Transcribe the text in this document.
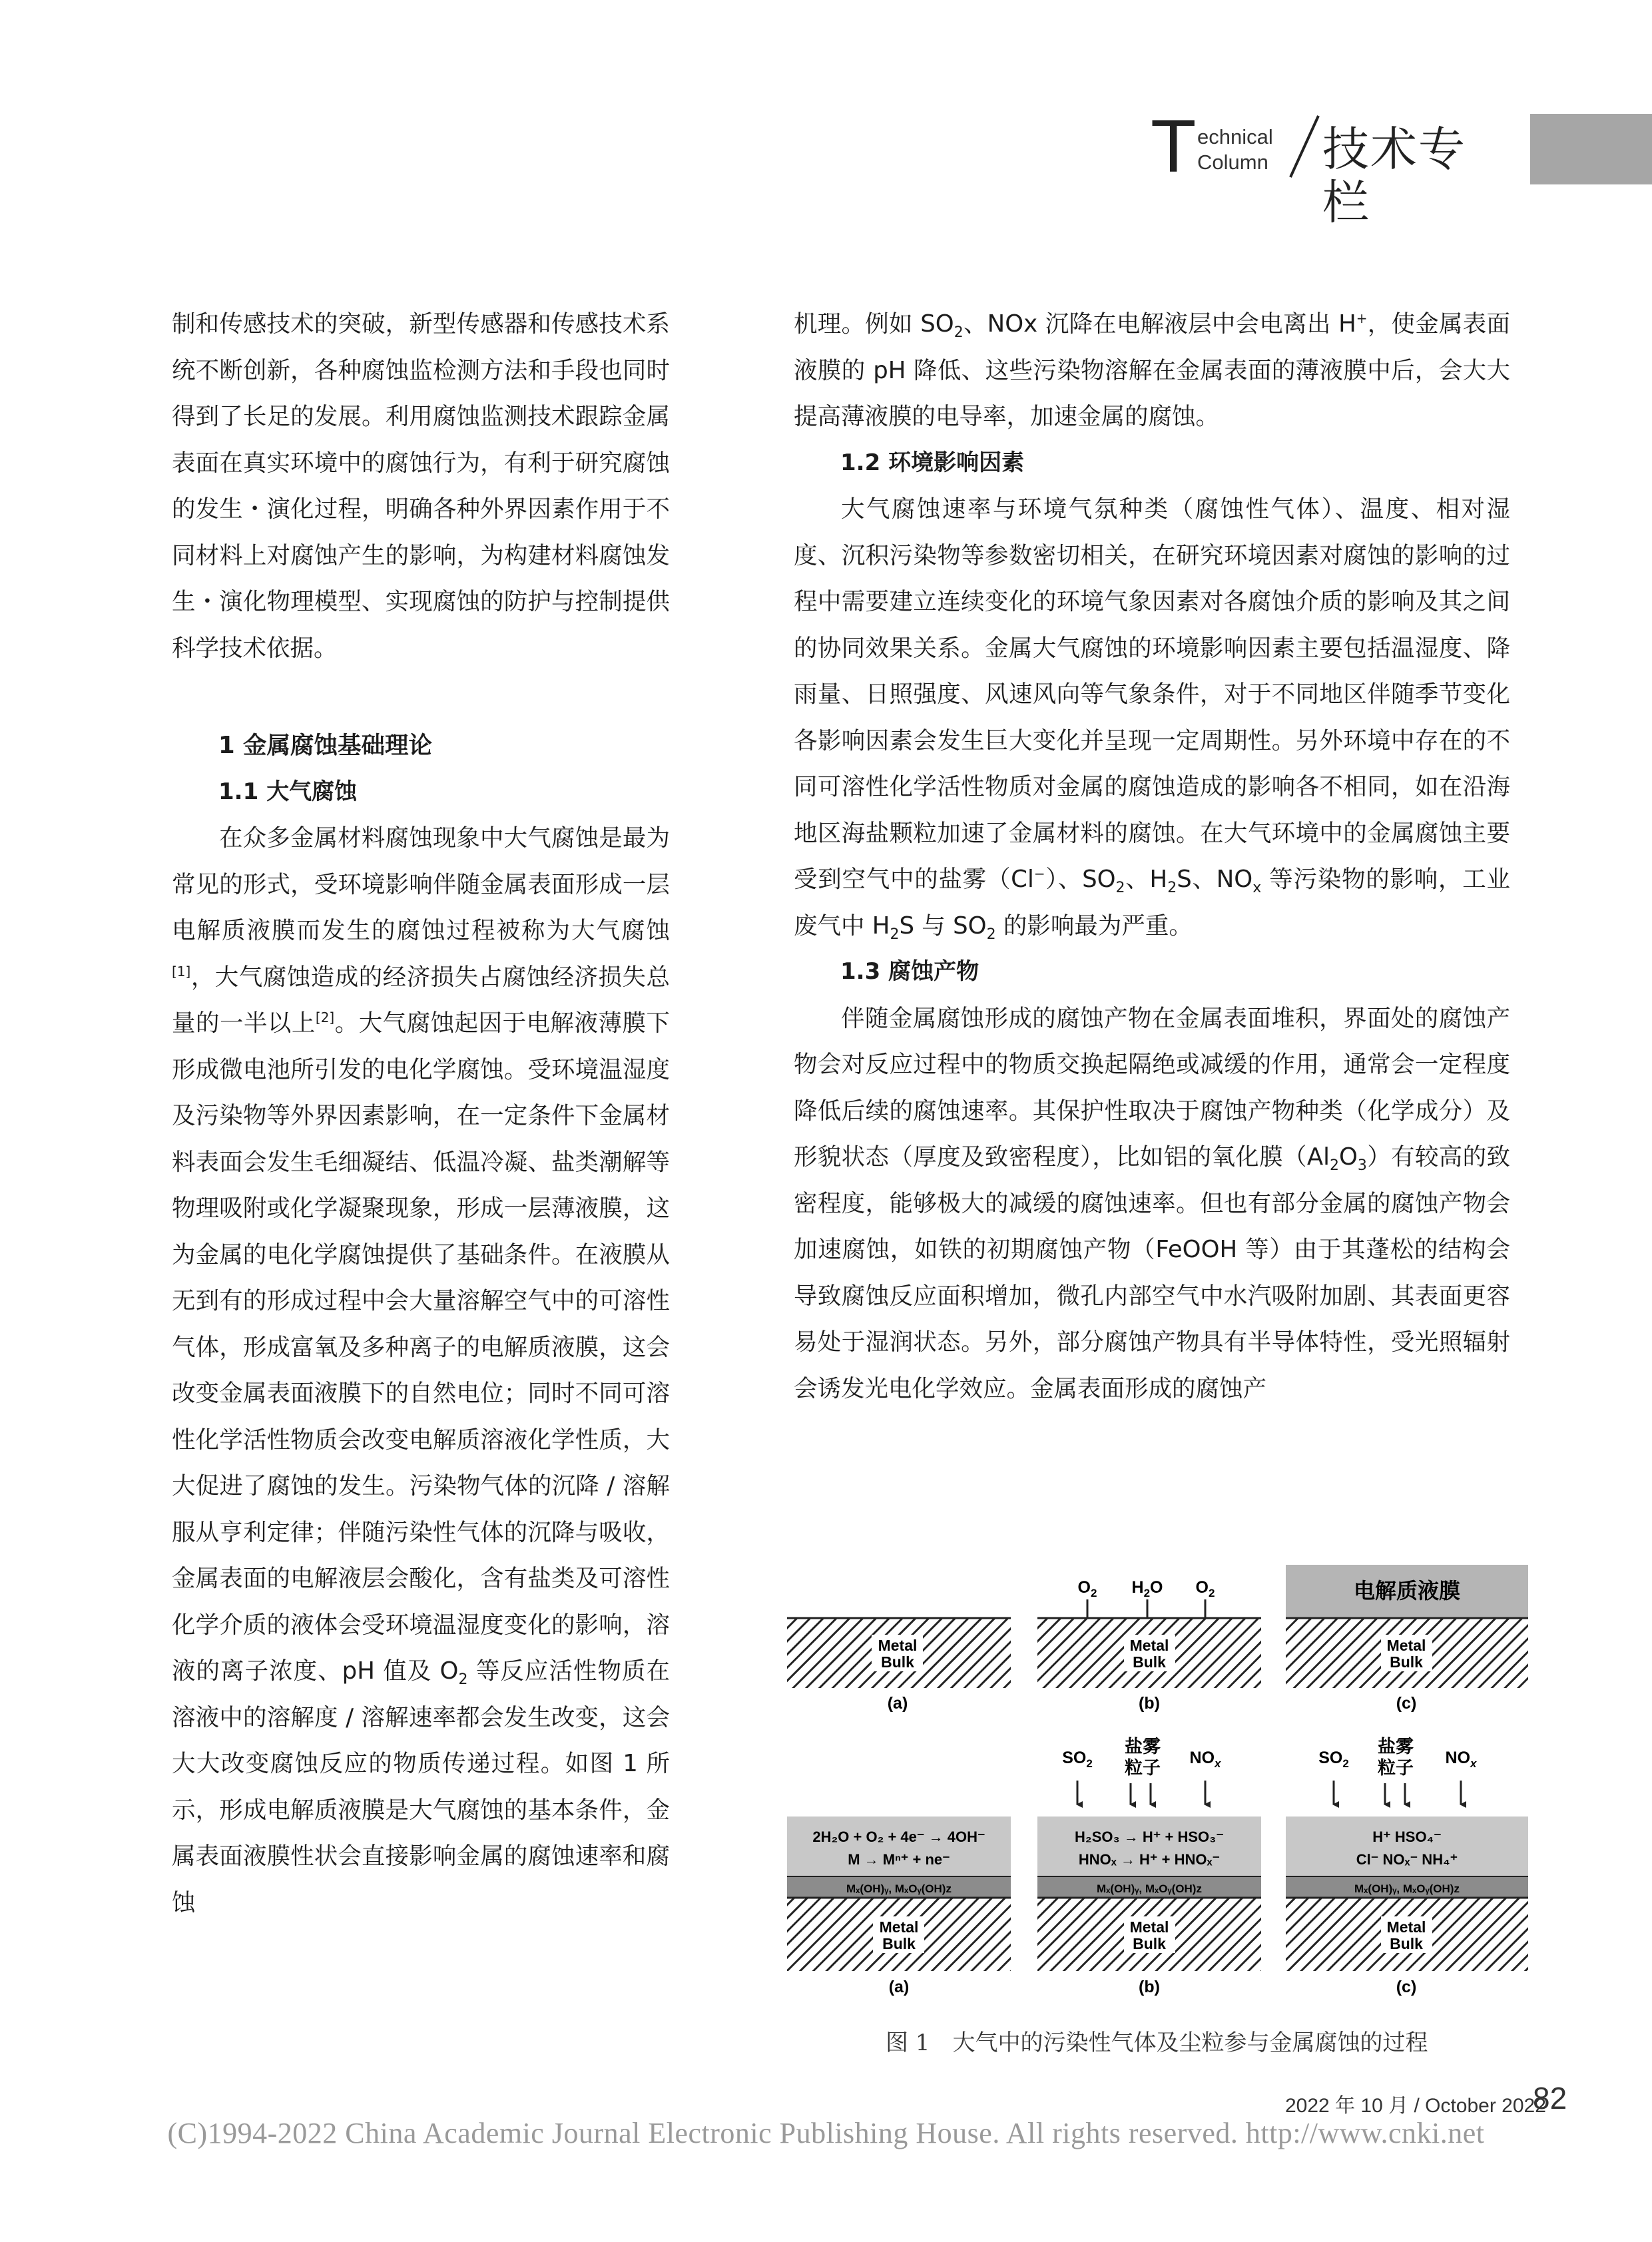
T echnical
Column 技术专栏

制和传感技术的突破，新型传感器和传感技术系统不断创新，各种腐蚀监检测方法和手段也同时得到了长足的发展。利用腐蚀监测技术跟踪金属表面在真实环境中的腐蚀行为，有利于研究腐蚀的发生・演化过程，明确各种外界因素作用于不同材料上对腐蚀产生的影响，为构建材料腐蚀发生・演化物理模型、实现腐蚀的防护与控制提供科学技术依据。

1 金属腐蚀基础理论

1.1 大气腐蚀

在众多金属材料腐蚀现象中大气腐蚀是最为常见的形式，受环境影响伴随金属表面形成一层电解质液膜而发生的腐蚀过程被称为大气腐蚀[1]，大气腐蚀造成的经济损失占腐蚀经济损失总量的一半以上[2]。大气腐蚀起因于电解液薄膜下形成微电池所引发的电化学腐蚀。受环境温湿度及污染物等外界因素影响，在一定条件下金属材料表面会发生毛细凝结、低温冷凝、盐类潮解等物理吸附或化学凝聚现象，形成一层薄液膜，这为金属的电化学腐蚀提供了基础条件。在液膜从无到有的形成过程中会大量溶解空气中的可溶性气体，形成富氧及多种离子的电解质液膜，这会改变金属表面液膜下的自然电位；同时不同可溶性化学活性物质会改变电解质溶液化学性质，大大促进了腐蚀的发生。污染物气体的沉降 / 溶解服从亨利定律；伴随污染性气体的沉降与吸收，金属表面的电解液层会酸化，含有盐类及可溶性化学介质的液体会受环境温湿度变化的影响，溶液的离子浓度、pH 值及 $O_2$ 等反应活性物质在溶液中的溶解度 / 溶解速率都会发生改变，这会大大改变腐蚀反应的物质传递过程。如图 1 所示，形成电解质液膜是大气腐蚀的基本条件，金属表面液膜性状会直接影响金属的腐蚀速率和腐蚀

机理。例如 $SO_2$、NOx 沉降在电解液层中会电离出 H+，使金属表面液膜的 pH 降低、这些污染物溶解在金属表面的薄液膜中后，会大大提高薄液膜的电导率，加速金属的腐蚀。

1.2 环境影响因素

大气腐蚀速率与环境气氛种类（腐蚀性气体）、温度、相对湿度、沉积污染物等参数密切相关，在研究环境因素对腐蚀的影响的过程中需要建立连续变化的环境气象因素对各腐蚀介质的影响及其之间的协同效果关系。金属大气腐蚀的环境影响因素主要包括温湿度、降雨量、日照强度、风速风向等气象条件，对于不同地区伴随季节变化各影响因素会发生巨大变化并呈现一定周期性。另外环境中存在的不同可溶性化学活性物质对金属的腐蚀造成的影响各不相同，如在沿海地区海盐颗粒加速了金属材料的腐蚀。在大气环境中的金属腐蚀主要受到空气中的盐雾（Cl−）、$SO_2$、$H_2S$、$NO_x$ 等污染物的影响，工业废气中 $H_2S$ 与 $SO_2$ 的影响最为严重。

1.3 腐蚀产物

伴随金属腐蚀形成的腐蚀产物在金属表面堆积，界面处的腐蚀产物会对反应过程中的物质交换起隔绝或减缓的作用，通常会一定程度降低后续的腐蚀速率。其保护性取决于腐蚀产物种类（化学成分）及形貌状态（厚度及致密程度），比如铝的氧化膜$(Al_2O_3)$有较高的致密程度，能够极大的减缓的腐蚀速率。但也有部分金属的腐蚀产物会加速腐蚀，如铁的初期腐蚀产物（FeOOH 等）由于其蓬松的结构会导致腐蚀反应面积增加，微孔内部空气中水汽吸附加剧、其表面更容易处于湿润状态。另外，部分腐蚀产物具有半导体特性，受光照辐射会诱发光电化学效应。金属表面形成的腐蚀产

Metal
Bulk
(a)
$O_2$ $H_2O$ $O_2$
Metal
Bulk
(b)
电解质液膜
Metal
Bulk
(c)
2H₂O + O₂ + 4e⁻ → 4OH⁻
M → Mⁿ⁺ + ne⁻
Mₓ(OH)ᵧ, MₓOᵧ(OH)z
Metal
Bulk
(a)
$SO_2$
盐雾
粒子 $NO_x$
H₂SO₃ → H⁺ + HSO₃⁻
HNOₓ → H⁺ + HNOₓ⁻
Mₓ(OH)ᵧ, MₓOᵧ(OH)z
Metal
Bulk
(b)
$SO_2$
盐雾
粒子 $NO_x$
H⁺ HSO₄⁻
Cl⁻ NOₓ⁻ NH₄⁺
Mₓ(OH)ᵧ, MₓOᵧ(OH)z
Metal
Bulk
(c)
图 1　大气中的污染性气体及尘粒参与金属腐蚀的过程
2022 年 10 月 / October 2022
82
(C)1994-2022 China Academic Journal Electronic Publishing House. All rights reserved. http://www.cnki.net
